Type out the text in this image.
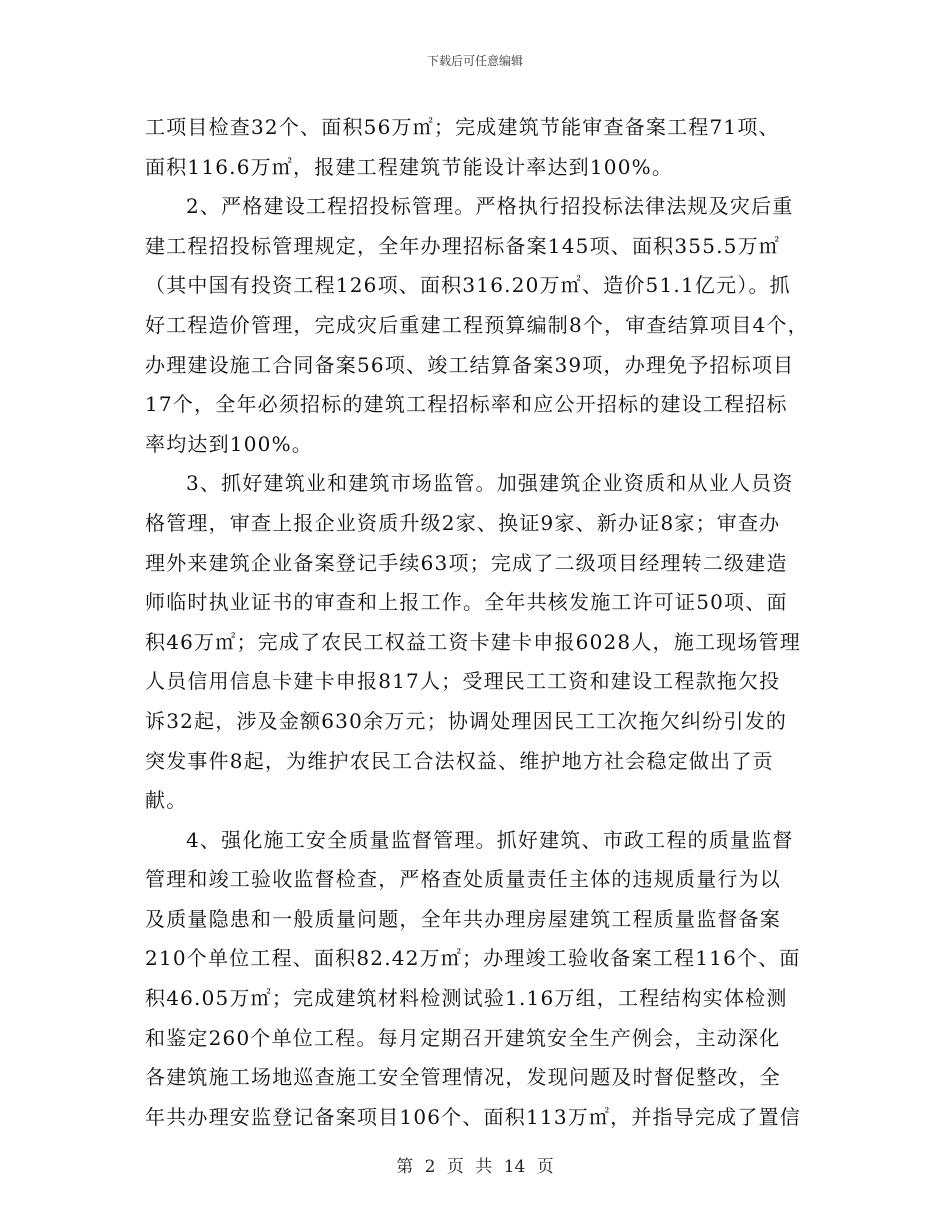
下载后可任意编辑
工项目检查32个、面积56万㎡；完成建筑节能审查备案工程71项、
面积116.6万㎡，报建工程建筑节能设计率达到100%。
2、严格建设工程招投标管理。严格执行招投标法律法规及灾后重
建工程招投标管理规定，全年办理招标备案145项、面积355.5万㎡
（其中国有投资工程126项、面积316.20万㎡、造价51.1亿元）。抓
好工程造价管理，完成灾后重建工程预算编制8个，审查结算项目4个，
办理建设施工合同备案56项、竣工结算备案39项，办理免予招标项目
17个，全年必须招标的建筑工程招标率和应公开招标的建设工程招标
率均达到100%。
3、抓好建筑业和建筑市场监管。加强建筑企业资质和从业人员资
格管理，审查上报企业资质升级2家、换证9家、新办证8家；审查办
理外来建筑企业备案登记手续63项；完成了二级项目经理转二级建造
师临时执业证书的审查和上报工作。全年共核发施工许可证50项、面
积46万㎡；完成了农民工权益工资卡建卡申报6028人，施工现场管理
人员信用信息卡建卡申报817人；受理民工工资和建设工程款拖欠投
诉32起，涉及金额630余万元；协调处理因民工工次拖欠纠纷引发的
突发事件8起，为维护农民工合法权益、维护地方社会稳定做出了贡
献。
4、强化施工安全质量监督管理。抓好建筑、市政工程的质量监督
管理和竣工验收监督检查，严格查处质量责任主体的违规质量行为以
及质量隐患和一般质量问题，全年共办理房屋建筑工程质量监督备案
210个单位工程、面积82.42万㎡；办理竣工验收备案工程116个、面
积46.05万㎡；完成建筑材料检测试验1.16万组，工程结构实体检测
和鉴定260个单位工程。每月定期召开建筑安全生产例会，主动深化
各建筑施工场地巡查施工安全管理情况，发现问题及时督促整改，全
年共办理安监登记备案项目106个、面积113万㎡，并指导完成了置信
第 2 页 共 14 页
